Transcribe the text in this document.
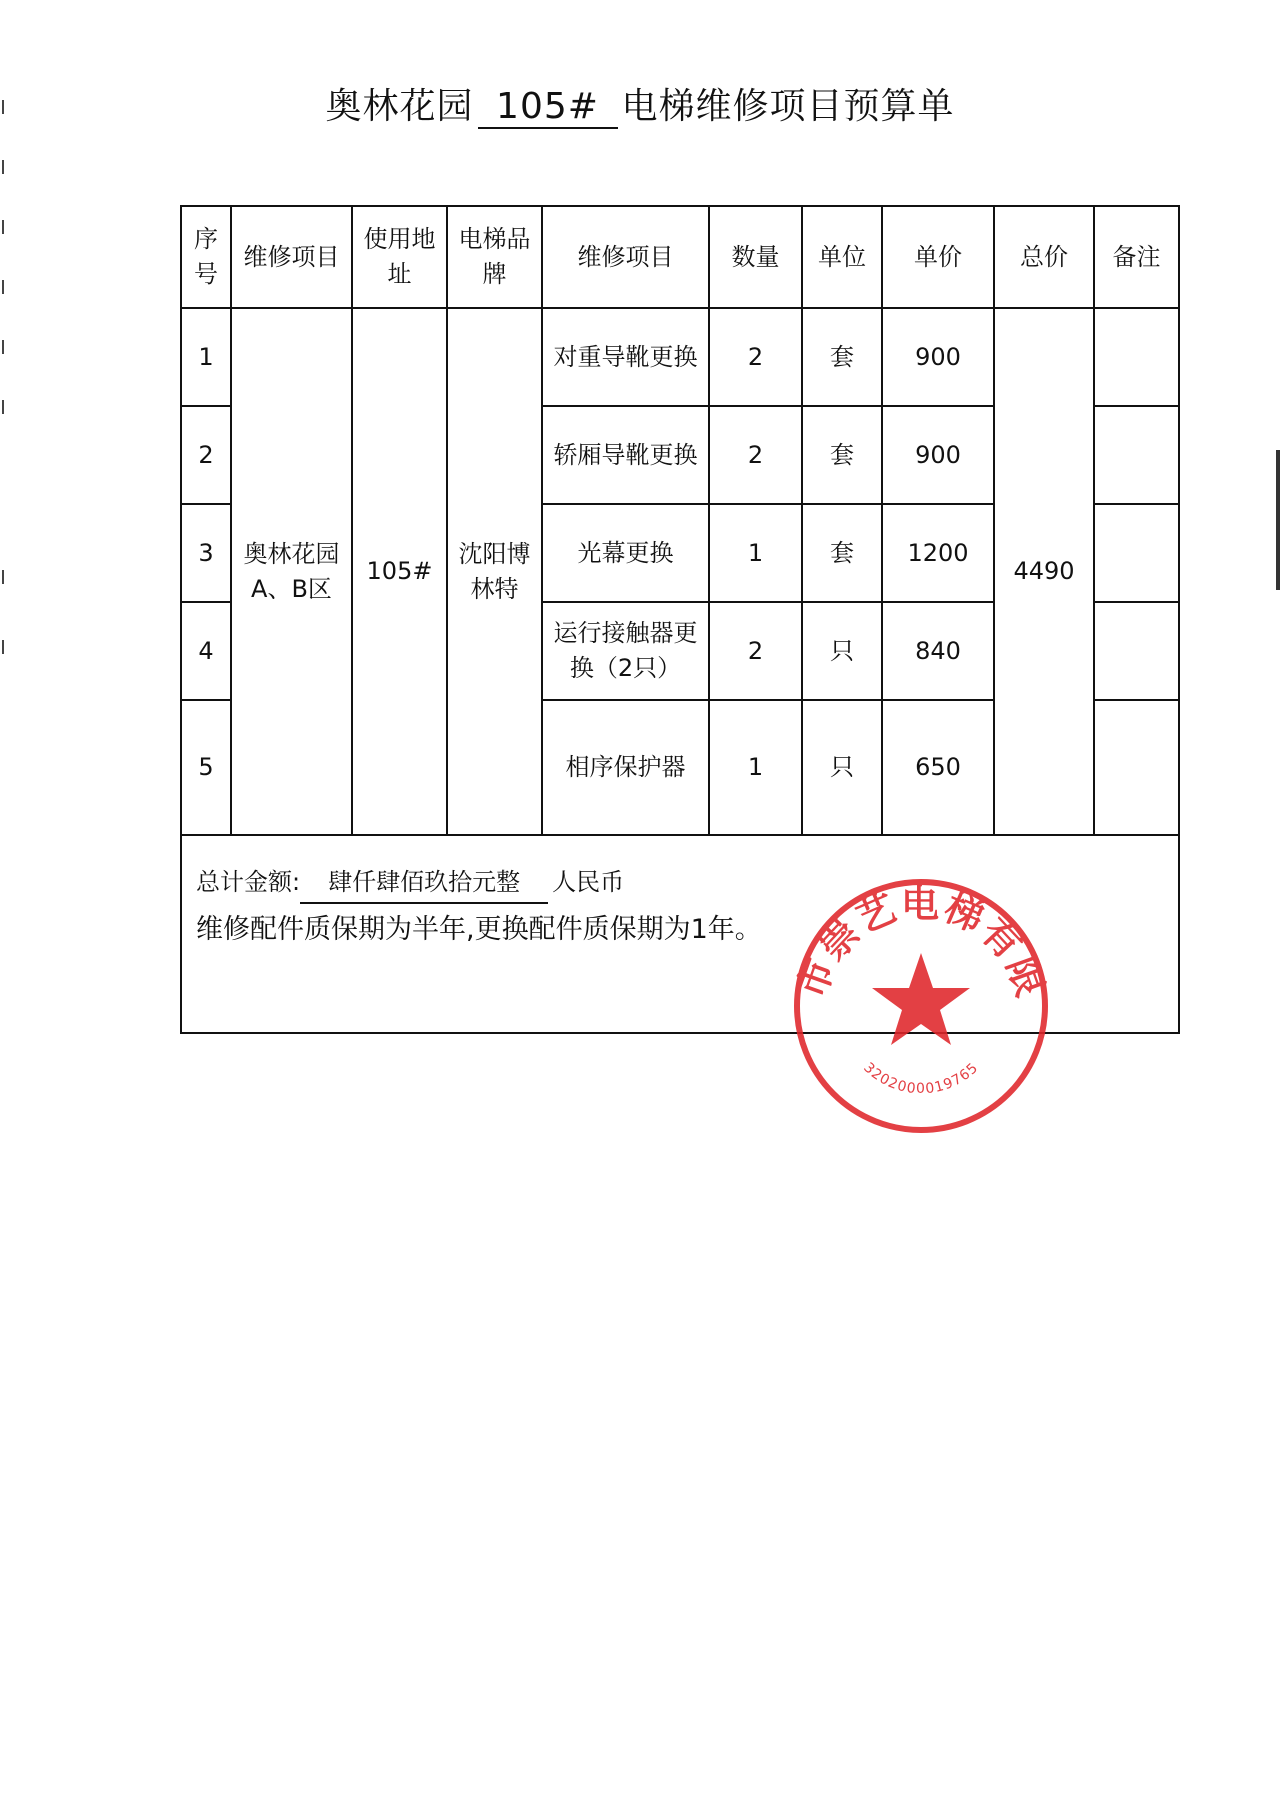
奥林花园 105# 电梯维修项目预算单
序号	维修项目	使用地址	电梯品牌	维修项目	数量	单位	单价	总价	备注
1	奥林花园 A、B区	105#	沈阳博林特	对重导靴更换	2	套	900	4490	
2				轿厢导靴更换	2	套	900		
3				光幕更换	1	套	1200		
4				运行接触器更换（2只）	2	只	840		
5				相序保护器	1	只	650		

总计金额: 肆仟肆佰玖拾元整 人民币
维修配件质保期为半年,更换配件质保期为1年。									
市崇艺电梯有限
3202000019765
